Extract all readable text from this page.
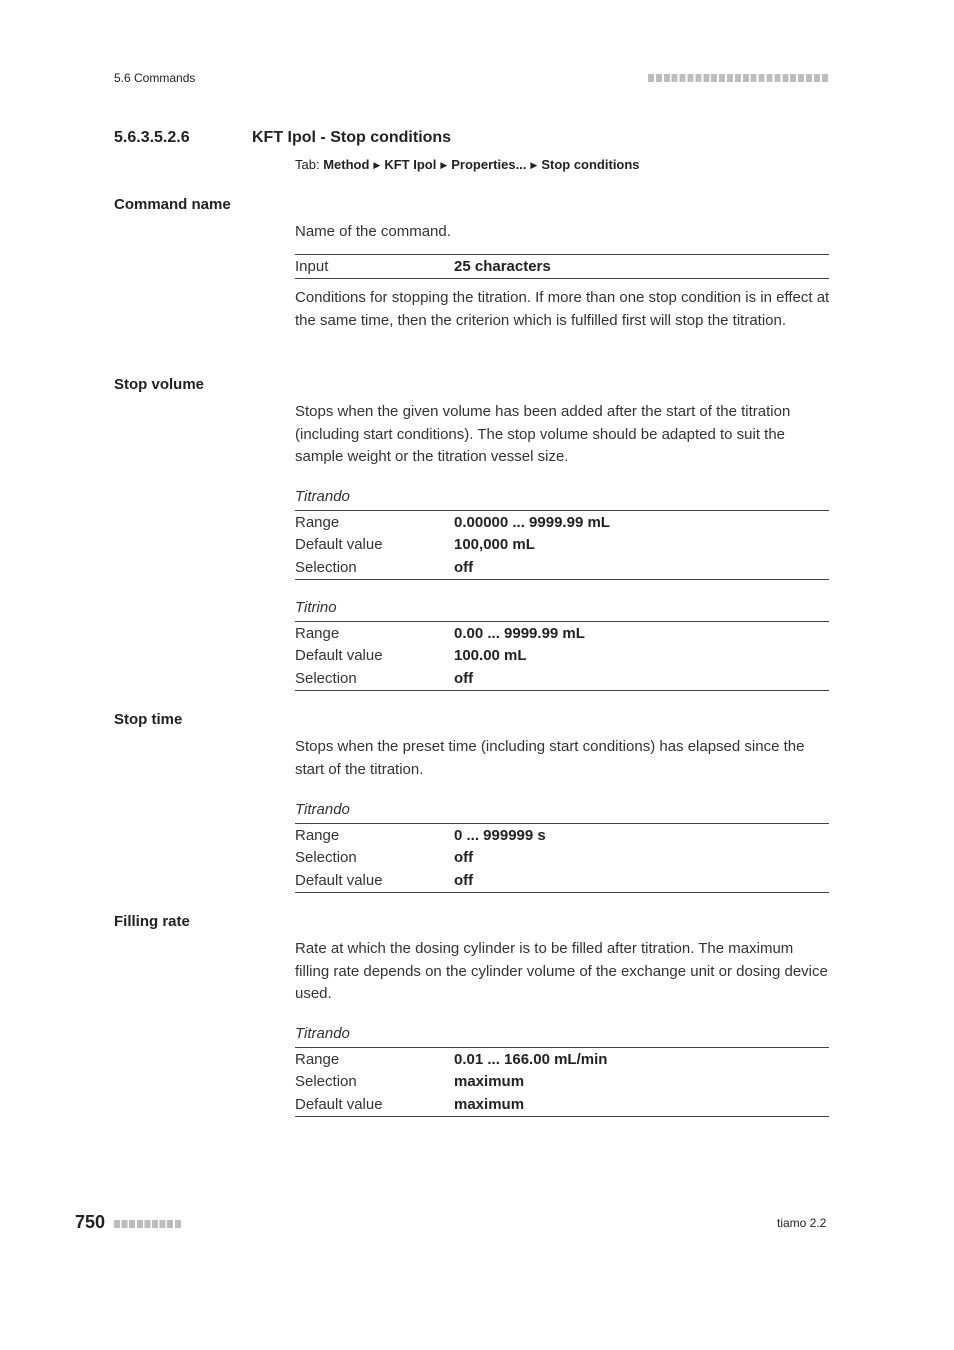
5.6 Commands
5.6.3.5.2.6	KFT Ipol - Stop conditions
Tab: Method ▶ KFT Ipol ▶ Properties... ▶ Stop conditions
Command name
Name of the command.
Input	25 characters
Conditions for stopping the titration. If more than one stop condition is in effect at the same time, then the criterion which is fulfilled first will stop the titration.
Stop volume
Stops when the given volume has been added after the start of the titration (including start conditions). The stop volume should be adapted to suit the sample weight or the titration vessel size.
Titrando
Range	0.00000 ... 9999.99 mL
Default value	100,000 mL
Selection	off
Titrino
Range	0.00 ... 9999.99 mL
Default value	100.00 mL
Selection	off
Stop time
Stops when the preset time (including start conditions) has elapsed since the start of the titration.
Titrando
Range	0 ... 999999 s
Selection	off
Default value	off
Filling rate
Rate at which the dosing cylinder is to be filled after titration. The maximum filling rate depends on the cylinder volume of the exchange unit or dosing device used.
Titrando
Range	0.01 ... 166.00 mL/min
Selection	maximum
Default value	maximum
750	tiamo 2.2
